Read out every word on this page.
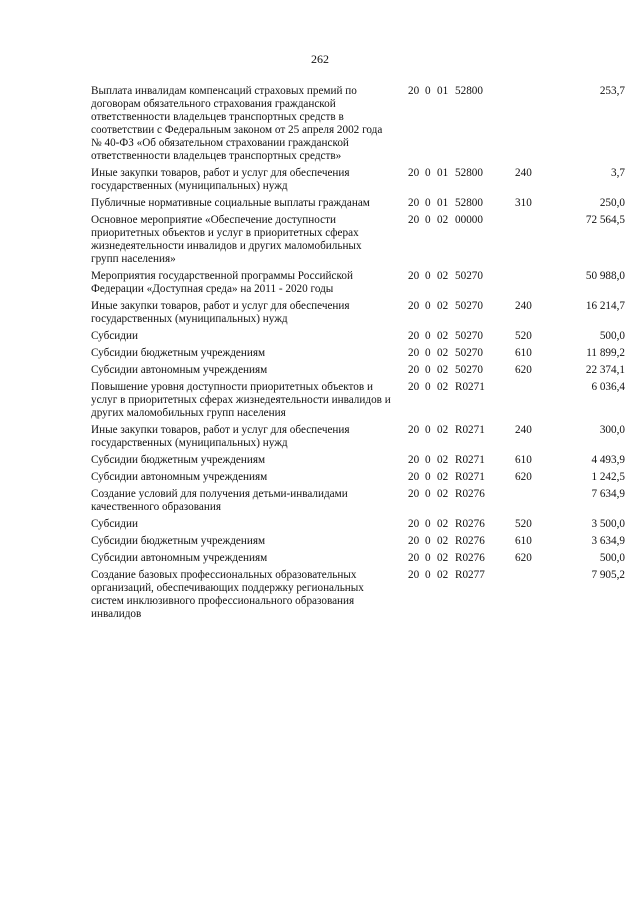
262
Выплата инвалидам компенсаций страховых премий по договорам обязательного страхования гражданской ответственности владельцев транспортных средств в соответствии с Федеральным законом от 25 апреля 2002 года № 40-ФЗ «Об обязательном страховании гражданской ответственности владельцев транспортных средств»
20 0 01 52800	253,7
Иные закупки товаров, работ и услуг для обеспечения государственных (муниципальных) нужд
20 0 01 52800	240	3,7
Публичные нормативные социальные выплаты гражданам	20 0 01 52800	310	250,0
Основное мероприятие «Обеспечение доступности приоритетных объектов и услуг в приоритетных сферах жизнедеятельности инвалидов и других маломобильных групп населения»
20 0 02 00000	72 564,5
Мероприятия государственной программы Российской Федерации «Доступная среда» на 2011 - 2020 годы
20 0 02 50270	50 988,0
Иные закупки товаров, работ и услуг для обеспечения государственных (муниципальных) нужд
20 0 02 50270	240	16 214,7
Субсидии	20 0 02 50270	520	500,0
Субсидии бюджетным учреждениям	20 0 02 50270	610	11 899,2
Субсидии автономным учреждениям	20 0 02 50270	620	22 374,1
Повышение уровня доступности приоритетных объектов и услуг в приоритетных сферах жизнедеятельности инвалидов и других маломобильных групп населения
20 0 02 R0271	6 036,4
Иные закупки товаров, работ и услуг для обеспечения государственных (муниципальных) нужд
20 0 02 R0271	240	300,0
Субсидии бюджетным учреждениям	20 0 02 R0271	610	4 493,9
Субсидии автономным учреждениям	20 0 02 R0271	620	1 242,5
Создание условий для получения детьми-инвалидами качественного образования
20 0 02 R0276	7 634,9
Субсидии	20 0 02 R0276	520	3 500,0
Субсидии бюджетным учреждениям	20 0 02 R0276	610	3 634,9
Субсидии автономным учреждениям	20 0 02 R0276	620	500,0
Создание базовых профессиональных образовательных организаций, обеспечивающих поддержку региональных систем инклюзивного профессионального образования инвалидов
20 0 02 R0277	7 905,2
